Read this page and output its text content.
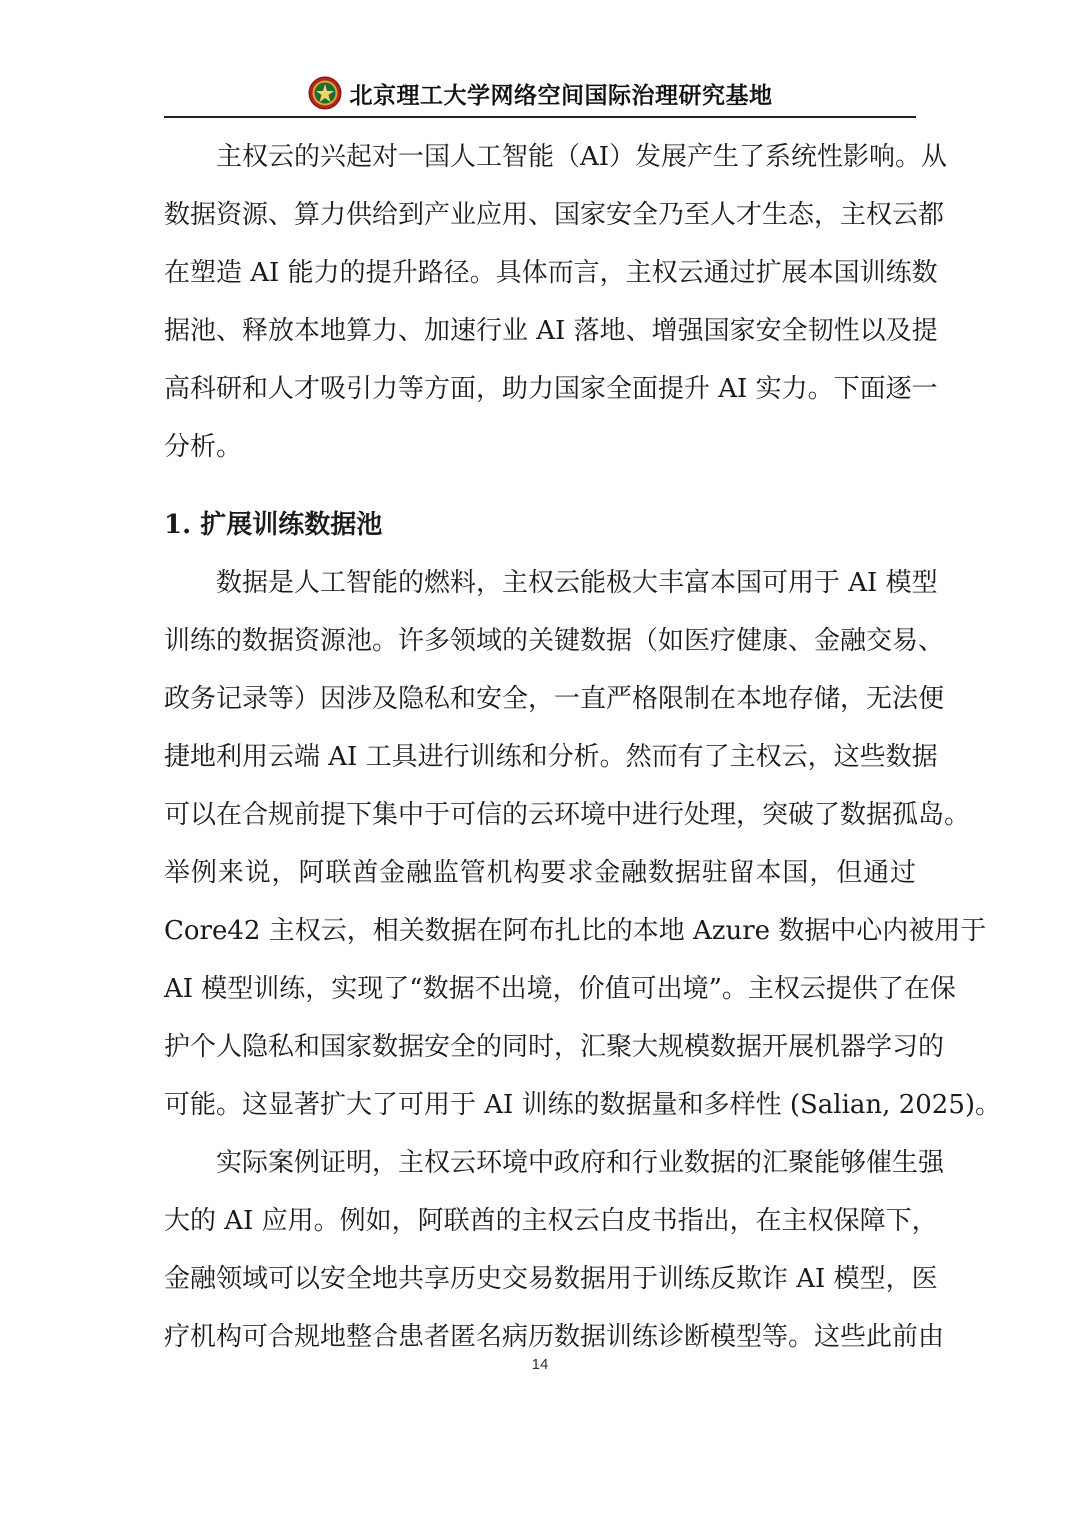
北京理工大学网络空间国际治理研究基地
主权云的兴起对一国人工智能（AI）发展产生了系统性影响。从
数据资源、算力供给到产业应用、国家安全乃至人才生态，主权云都
在塑造 AI 能力的提升路径。具体而言，主权云通过扩展本国训练数
据池、释放本地算力、加速行业 AI 落地、增强国家安全韧性以及提
高科研和人才吸引力等方面，助力国家全面提升 AI 实力。下面逐一
分析。
1. 扩展训练数据池
数据是人工智能的燃料，主权云能极大丰富本国可用于 AI 模型
训练的数据资源池。许多领域的关键数据（如医疗健康、金融交易、
政务记录等）因涉及隐私和安全，一直严格限制在本地存储，无法便
捷地利用云端 AI 工具进行训练和分析。然而有了主权云，这些数据
可以在合规前提下集中于可信的云环境中进行处理，突破了数据孤岛。
举例来说，阿联酋金融监管机构要求金融数据驻留本国，但通过
Core42 主权云，相关数据在阿布扎比的本地 Azure 数据中心内被用于
AI 模型训练，实现了“数据不出境，价值可出境”。主权云提供了在保
护个人隐私和国家数据安全的同时，汇聚大规模数据开展机器学习的
可能。这显著扩大了可用于 AI 训练的数据量和多样性 (Salian, 2025)。
实际案例证明，主权云环境中政府和行业数据的汇聚能够催生强
大的 AI 应用。例如，阿联酋的主权云白皮书指出，在主权保障下，
金融领域可以安全地共享历史交易数据用于训练反欺诈 AI 模型，医
疗机构可合规地整合患者匿名病历数据训练诊断模型等。这些此前由
14
